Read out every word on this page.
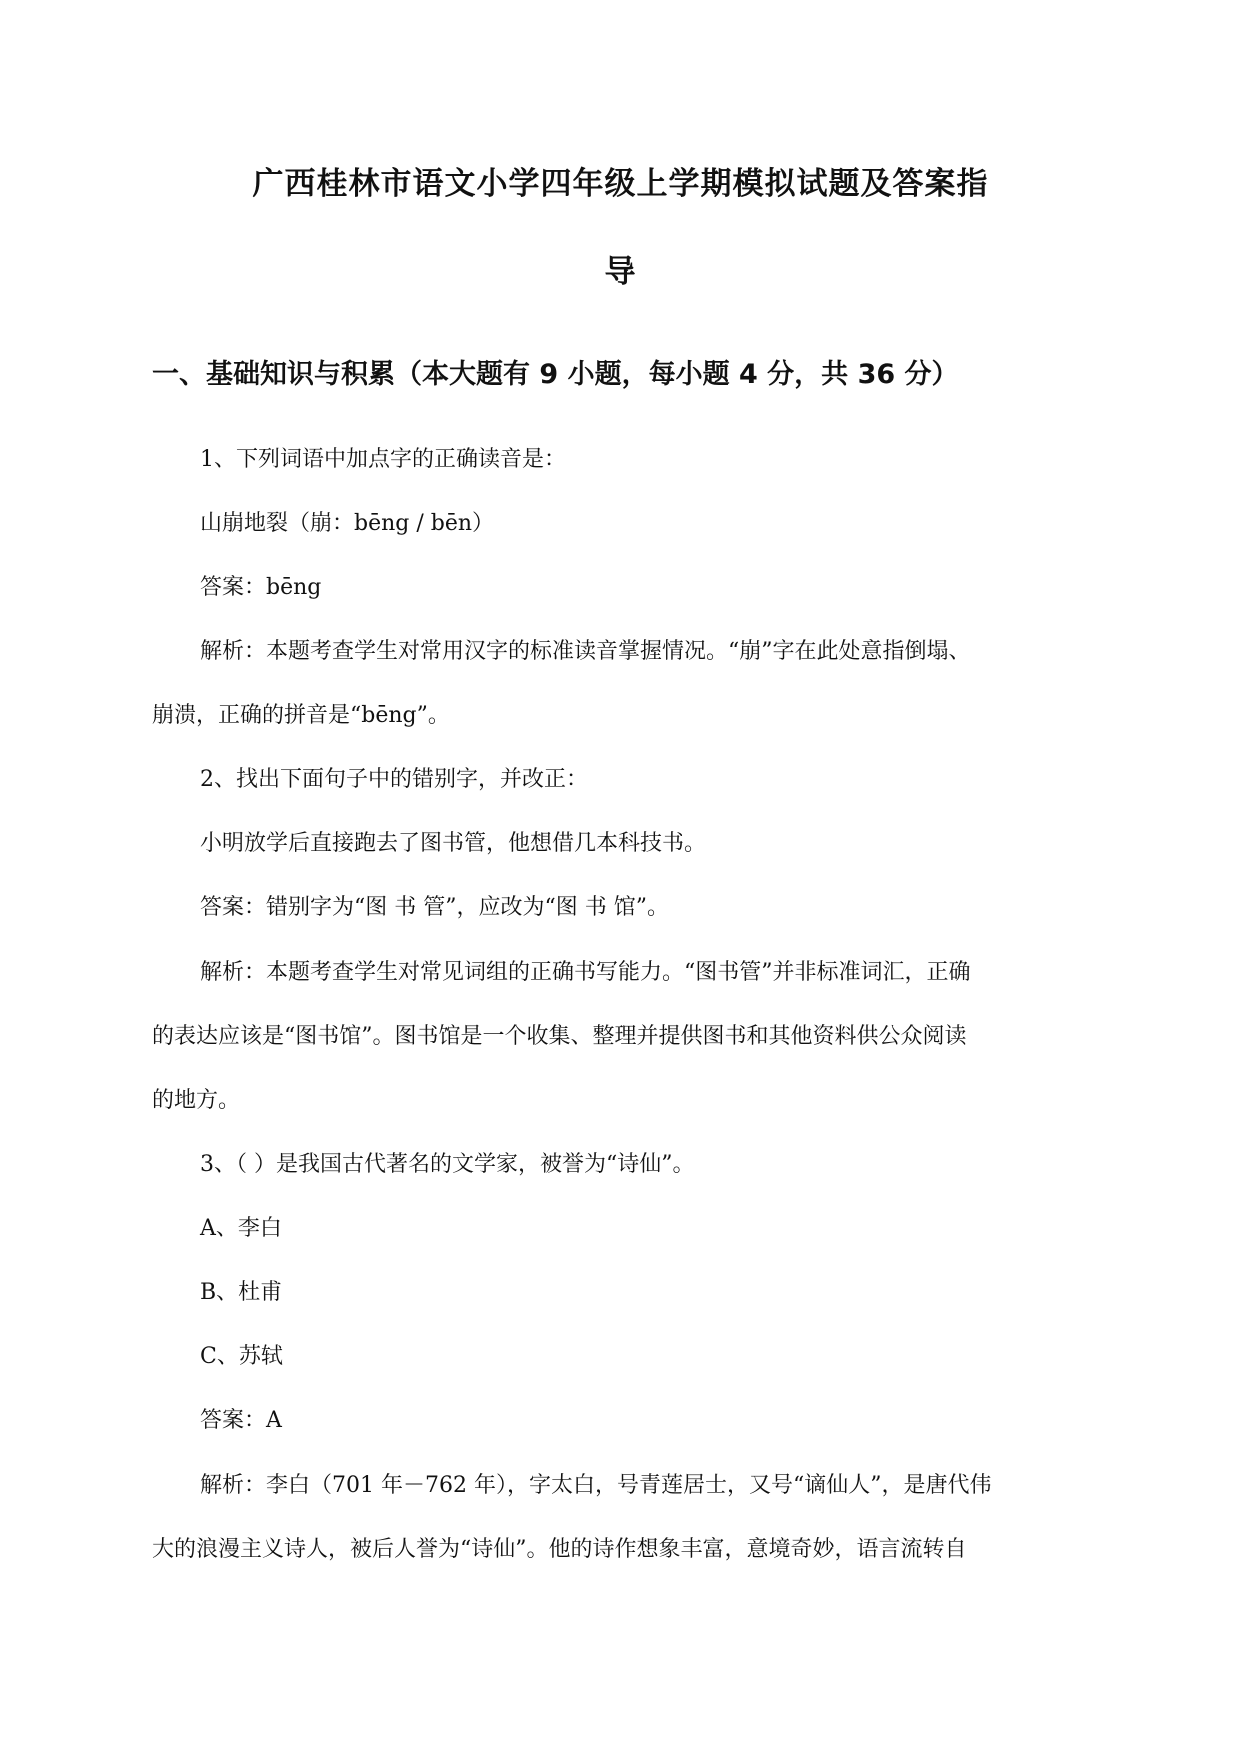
广西桂林市语文小学四年级上学期模拟试题及答案指
导
一、基础知识与积累（本大题有 9 小题，每小题 4 分，共 36 分）

1、下列词语中加点字的正确读音是：

山崩地裂（崩：bēng / bēn）

答案：bēng

解析：本题考查学生对常用汉字的标准读音掌握情况。“崩”字在此处意指倒塌、

崩溃，正确的拼音是“bēng”。

2、找出下面句子中的错别字，并改正：

小明放学后直接跑去了图书管，他想借几本科技书。

答案：错别字为“图 书 管”，应改为“图 书 馆”。

解析：本题考查学生对常见词组的正确书写能力。“图书管”并非标准词汇，正确

的表达应该是“图书馆”。图书馆是一个收集、整理并提供图书和其他资料供公众阅读

的地方。

3、（ ）是我国古代著名的文学家，被誉为“诗仙”。

A、李白

B、杜甫

C、苏轼

答案：A

解析：李白（701 年－762 年），字太白，号青莲居士，又号“谪仙人”，是唐代伟

大的浪漫主义诗人，被后人誉为“诗仙”。他的诗作想象丰富，意境奇妙，语言流转自
